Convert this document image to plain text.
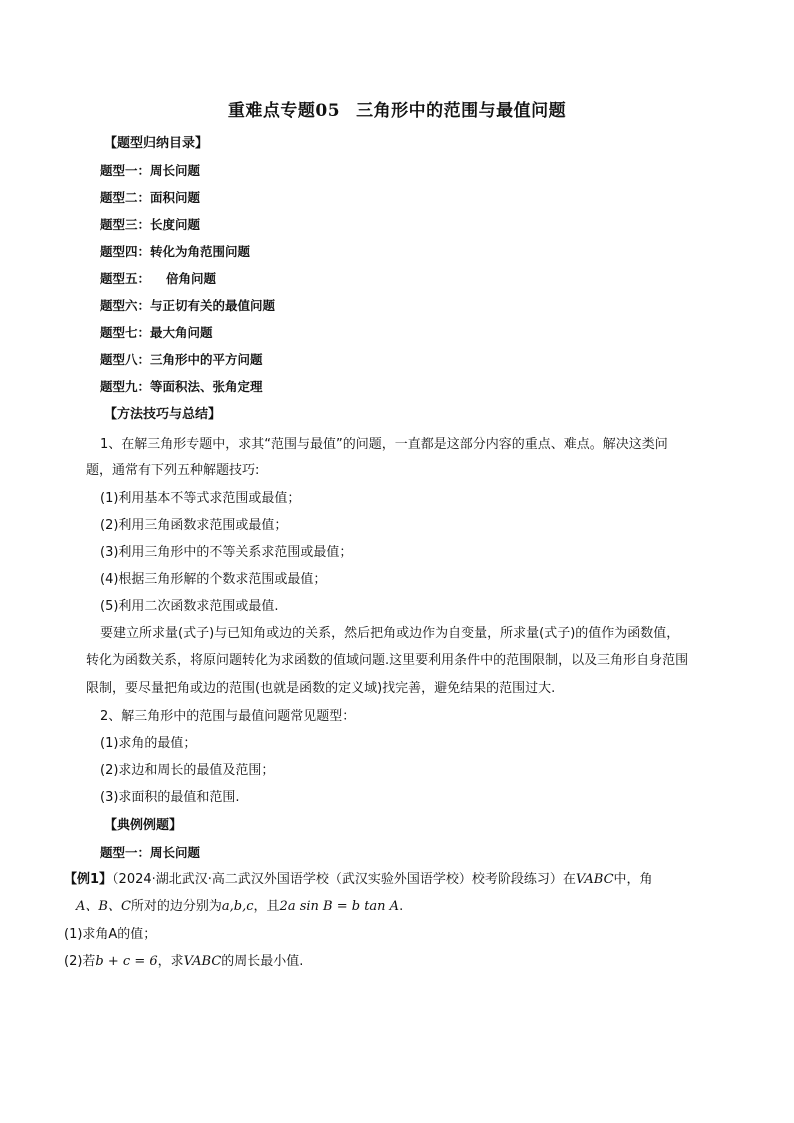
重难点专题05 三角形中的范围与最值问题
【题型归纳目录】
题型一：周长问题
题型二：面积问题
题型三：长度问题
题型四：转化为角范围问题
题型五： 倍角问题
题型六：与正切有关的最值问题
题型七：最大角问题
题型八：三角形中的平方问题
题型九：等面积法、张角定理
【方法技巧与总结】
1、在解三角形专题中，求其“范围与最值”的问题，一直都是这部分内容的重点、难点。解决这类问
题，通常有下列五种解题技巧:
(1)利用基本不等式求范围或最值；
(2)利用三角函数求范围或最值；
(3)利用三角形中的不等关系求范围或最值；
(4)根据三角形解的个数求范围或最值；
(5)利用二次函数求范围或最值.
要建立所求量(式子)与已知角或边的关系，然后把角或边作为自变量，所求量(式子)的值作为函数值，
转化为函数关系，将原问题转化为求函数的值域问题.这里要利用条件中的范围限制，以及三角形自身范围
限制，要尽量把角或边的范围(也就是函数的定义域)找完善，避免结果的范围过大.
2、解三角形中的范围与最值问题常见题型：
(1)求角的最值；
(2)求边和周长的最值及范围；
(3)求面积的最值和范围.
【典例例题】
题型一：周长问题
【例1】（2024·湖北武汉·高二武汉外国语学校（武汉实验外国语学校）校考阶段练习）在VABC中，角
A、B、C所对的边分别为a,b,c，且2a sin B = b tan A.
(1)求角A的值；
(2)若b + c = 6，求VABC的周长最小值.
